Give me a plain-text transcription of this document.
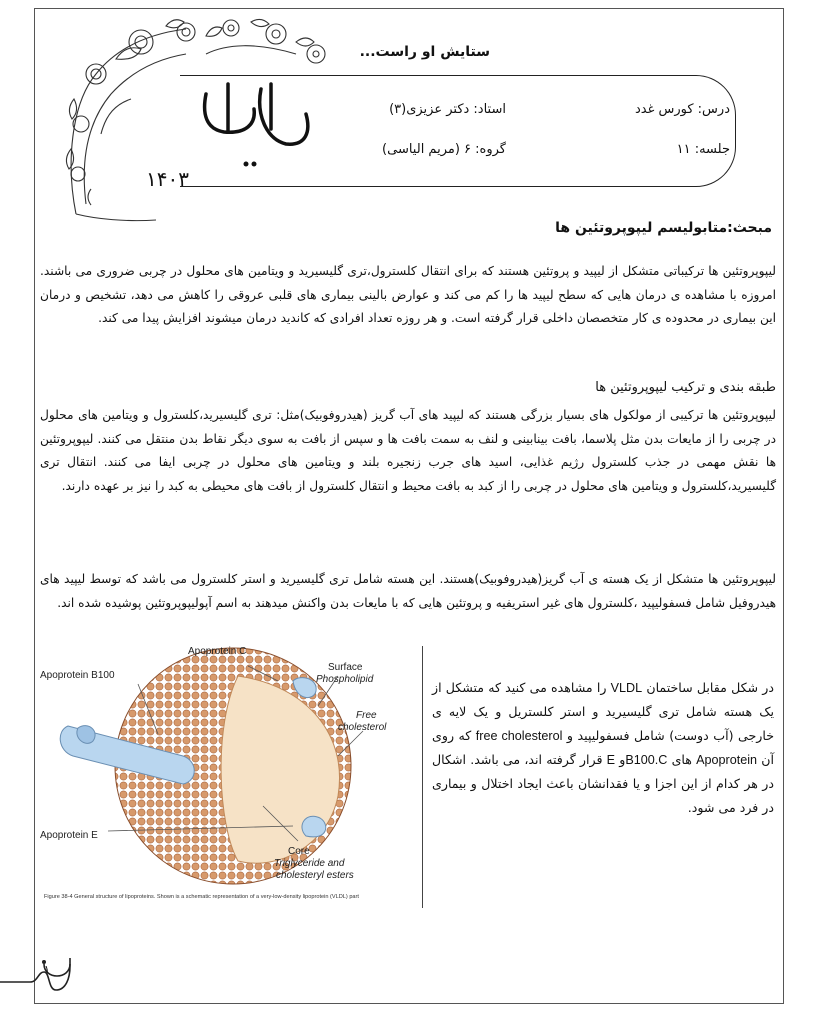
۱۴۰۳
ستایش او راست...
درس: کورس غدد
استاد: دکتر عزیزی(۳)
جلسه: ۱۱
گروه: ۶ (مریم الیاسی)
مبحث:متابولیسم لیپوپروتئین ها

لیپوپروتئین ها ترکیباتی متشکل از لیپید و پروتئین هستند که برای انتقال کلسترول،تری گلیسیرید و ویتامین های محلول در چربی ضروری می باشند. امروزه با مشاهده ی درمان هایی که سطح لیپید ها را کم می کند و عوارض بالینی بیماری های قلبی عروقی را کاهش می دهد، تشخیص و درمان این بیماری در محدوده ی کار متخصصان داخلی قرار گرفته است. و هر روزه تعداد افرادی که کاندید درمان میشوند افزایش پیدا می کند.

طبقه بندی و ترکیب لیپوپروتئین ها

لیپوپروتئین ها ترکیبی از مولکول های بسیار بزرگی هستند که لیپید های آب گریز (هیدروفوبیک)مثل: تری گلیسیرید،کلسترول و ویتامین های محلول در چربی را از مایعات بدن مثل پلاسما، بافت بینابینی و لنف به سمت بافت ها و سپس از بافت به سوی دیگر نقاط بدن منتقل می کنند. لیپوپروتئین ها نقش مهمی در جذب کلسترول رژیم غذایی، اسید های جرب زنجیره بلند و ویتامین های محلول در چربی ایفا می کنند. انتقال تری گلیسیرید،کلسترول و ویتامین های محلول در چربی را از کبد به بافت محیط و انتقال کلسترول از بافت های محیطی به کبد را نیز بر عهده دارند.

لیپوپروتئین ها متشکل از یک هسته ی آب گریز(هیدروفوبیک)هستند. این هسته شامل تری گلیسیرید و استر کلسترول می باشد که توسط لیپید های هیدروفیل شامل فسفولیپید ،کلسترول های غیر استریفیه و پروتئین هایی که با مایعات بدن واکنش میدهند به اسم آپولیپوپروتئین پوشیده شده اند.

Apoprotein B100
Apoprotein C
Surface
Phospholipid
Free
cholesterol
Apoprotein E
Core
Triglyceride and
cholesteryl esters
Figure 38-4 General structure of lipoproteins. Shown is a schematic representation of a very-low-density lipoprotein (VLDL) part

در شکل مقابل ساختمان VLDL را مشاهده می کنید که متشکل از یک هسته شامل تری گلیسیرید و استر کلستریل و یک لایه ی خارجی (آب دوست) شامل فسفولیپید و free cholesterol که روی آن Apoprotein های B100.Cو E قرار گرفته اند، می باشد. اشکال در هر کدام از این اجزا و یا فقدانشان باعث ایجاد اختلال و بیماری در فرد می شود.

۱
